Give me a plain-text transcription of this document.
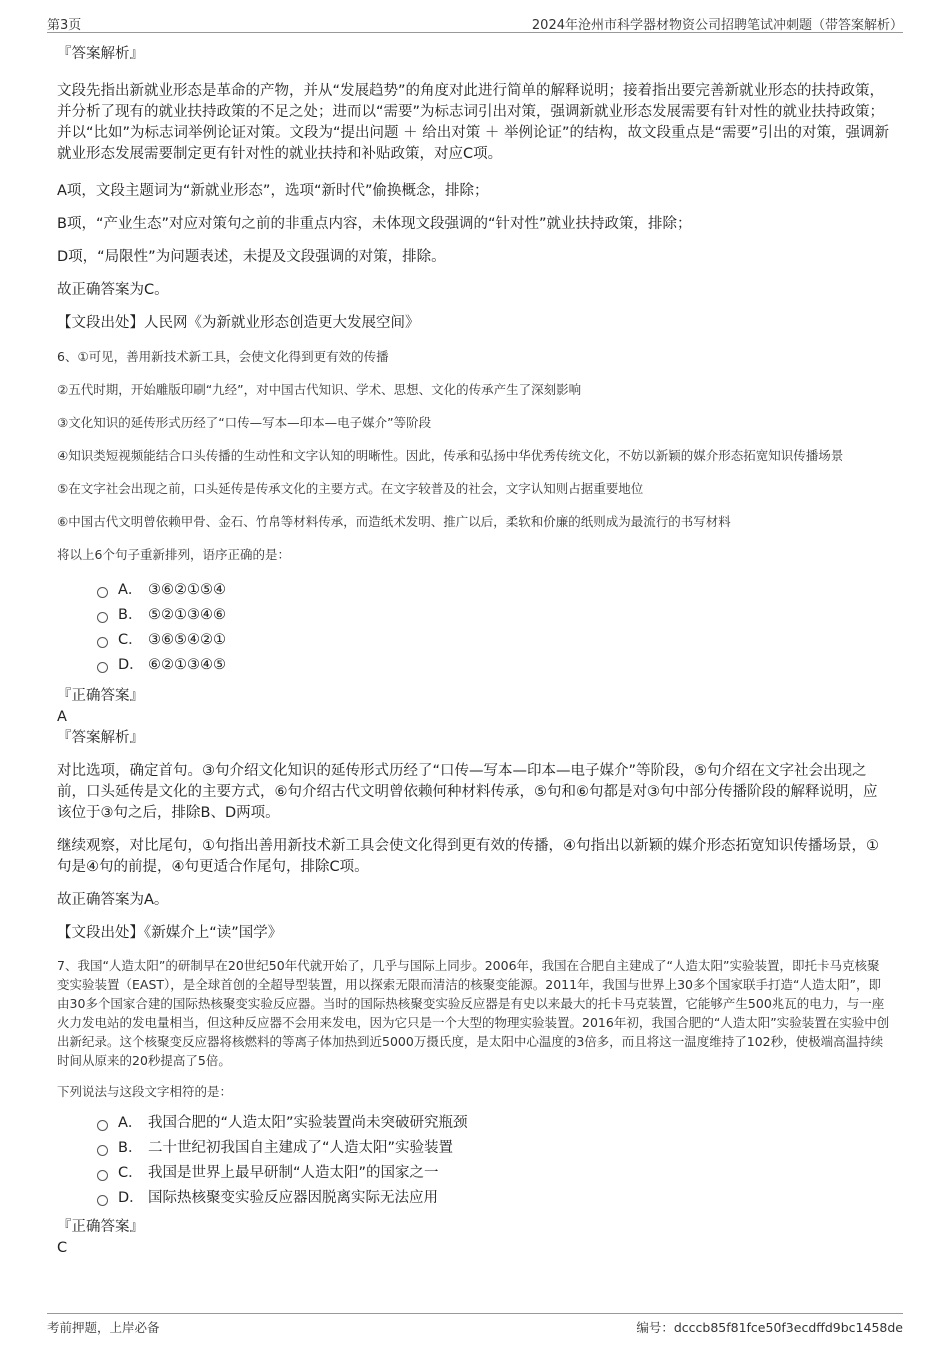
第3页	2024年沧州市科学器材物资公司招聘笔试冲刺题（带答案解析）

『答案解析』

文段先指出新就业形态是革命的产物，并从“发展趋势”的角度对此进行简单的解释说明；接着指出要完善新就业形态的扶持政策，并分析了现有的就业扶持政策的不足之处；进而以“需要”为标志词引出对策，强调新就业形态发展需要有针对性的就业扶持政策；并以“比如”为标志词举例论证对策。文段为“提出问题 ＋ 给出对策 ＋ 举例论证”的结构，故文段重点是“需要”引出的对策，强调新就业形态发展需要制定更有针对性的就业扶持和补贴政策，对应C项。

A项，文段主题词为“新就业形态”，选项“新时代”偷换概念，排除；

B项，“产业生态”对应对策句之前的非重点内容，未体现文段强调的“针对性”就业扶持政策，排除；

D项，“局限性”为问题表述，未提及文段强调的对策，排除。

故正确答案为C。

【文段出处】人民网《为新就业形态创造更大发展空间》

6、①可见，善用新技术新工具，会使文化得到更有效的传播

②五代时期，开始雕版印刷“九经”，对中国古代知识、学术、思想、文化的传承产生了深刻影响

③文化知识的延传形式历经了“口传—写本—印本—电子媒介”等阶段

④知识类短视频能结合口头传播的生动性和文字认知的明晰性。因此，传承和弘扬中华优秀传统文化，不妨以新颖的媒介形态拓宽知识传播场景

⑤在文字社会出现之前，口头延传是传承文化的主要方式。在文字较普及的社会，文字认知则占据重要地位

⑥中国古代文明曾依赖甲骨、金石、竹帛等材料传承，而造纸术发明、推广以后，柔软和价廉的纸则成为最流行的书写材料

将以上6个句子重新排列，语序正确的是：

A． ③⑥②①⑤④
B． ⑤②①③④⑥
C． ③⑥⑤④②①
D． ⑥②①③④⑤

『正确答案』

A

『答案解析』

对比选项，确定首句。③句介绍文化知识的延传形式历经了“口传—写本—印本—电子媒介”等阶段，⑤句介绍在文字社会出现之前，口头延传是文化的主要方式，⑥句介绍古代文明曾依赖何种材料传承，⑤句和⑥句都是对③句中部分传播阶段的解释说明，应该位于③句之后，排除B、D两项。

继续观察，对比尾句，①句指出善用新技术新工具会使文化得到更有效的传播，④句指出以新颖的媒介形态拓宽知识传播场景，①句是④句的前提，④句更适合作尾句，排除C项。

故正确答案为A。

【文段出处】《新媒介上“读”国学》

7、我国“人造太阳”的研制早在20世纪50年代就开始了，几乎与国际上同步。2006年，我国在合肥自主建成了“人造太阳”实验装置，即托卡马克核聚变实验装置（EAST），是全球首创的全超导型装置，用以探索无限而清洁的核聚变能源。2011年，我国与世界上30多个国家联手打造“人造太阳”，即由30多个国家合建的国际热核聚变实验反应器。当时的国际热核聚变实验反应器是有史以来最大的托卡马克装置，它能够产生500兆瓦的电力，与一座火力发电站的发电量相当，但这种反应器不会用来发电，因为它只是一个大型的物理实验装置。2016年初，我国合肥的“人造太阳”实验装置在实验中创出新纪录。这个核聚变反应器将核燃料的等离子体加热到近5000万摄氏度，是太阳中心温度的3倍多，而且将这一温度维持了102秒，使极端高温持续时间从原来的20秒提高了5倍。

下列说法与这段文字相符的是：

A． 我国合肥的“人造太阳”实验装置尚未突破研究瓶颈
B． 二十世纪初我国自主建成了“人造太阳”实验装置
C． 我国是世界上最早研制“人造太阳”的国家之一
D． 国际热核聚变实验反应器因脱离实际无法应用

『正确答案』

C

考前押题，上岸必备	编号：dcccb85f81fce50f3ecdffd9bc1458de
